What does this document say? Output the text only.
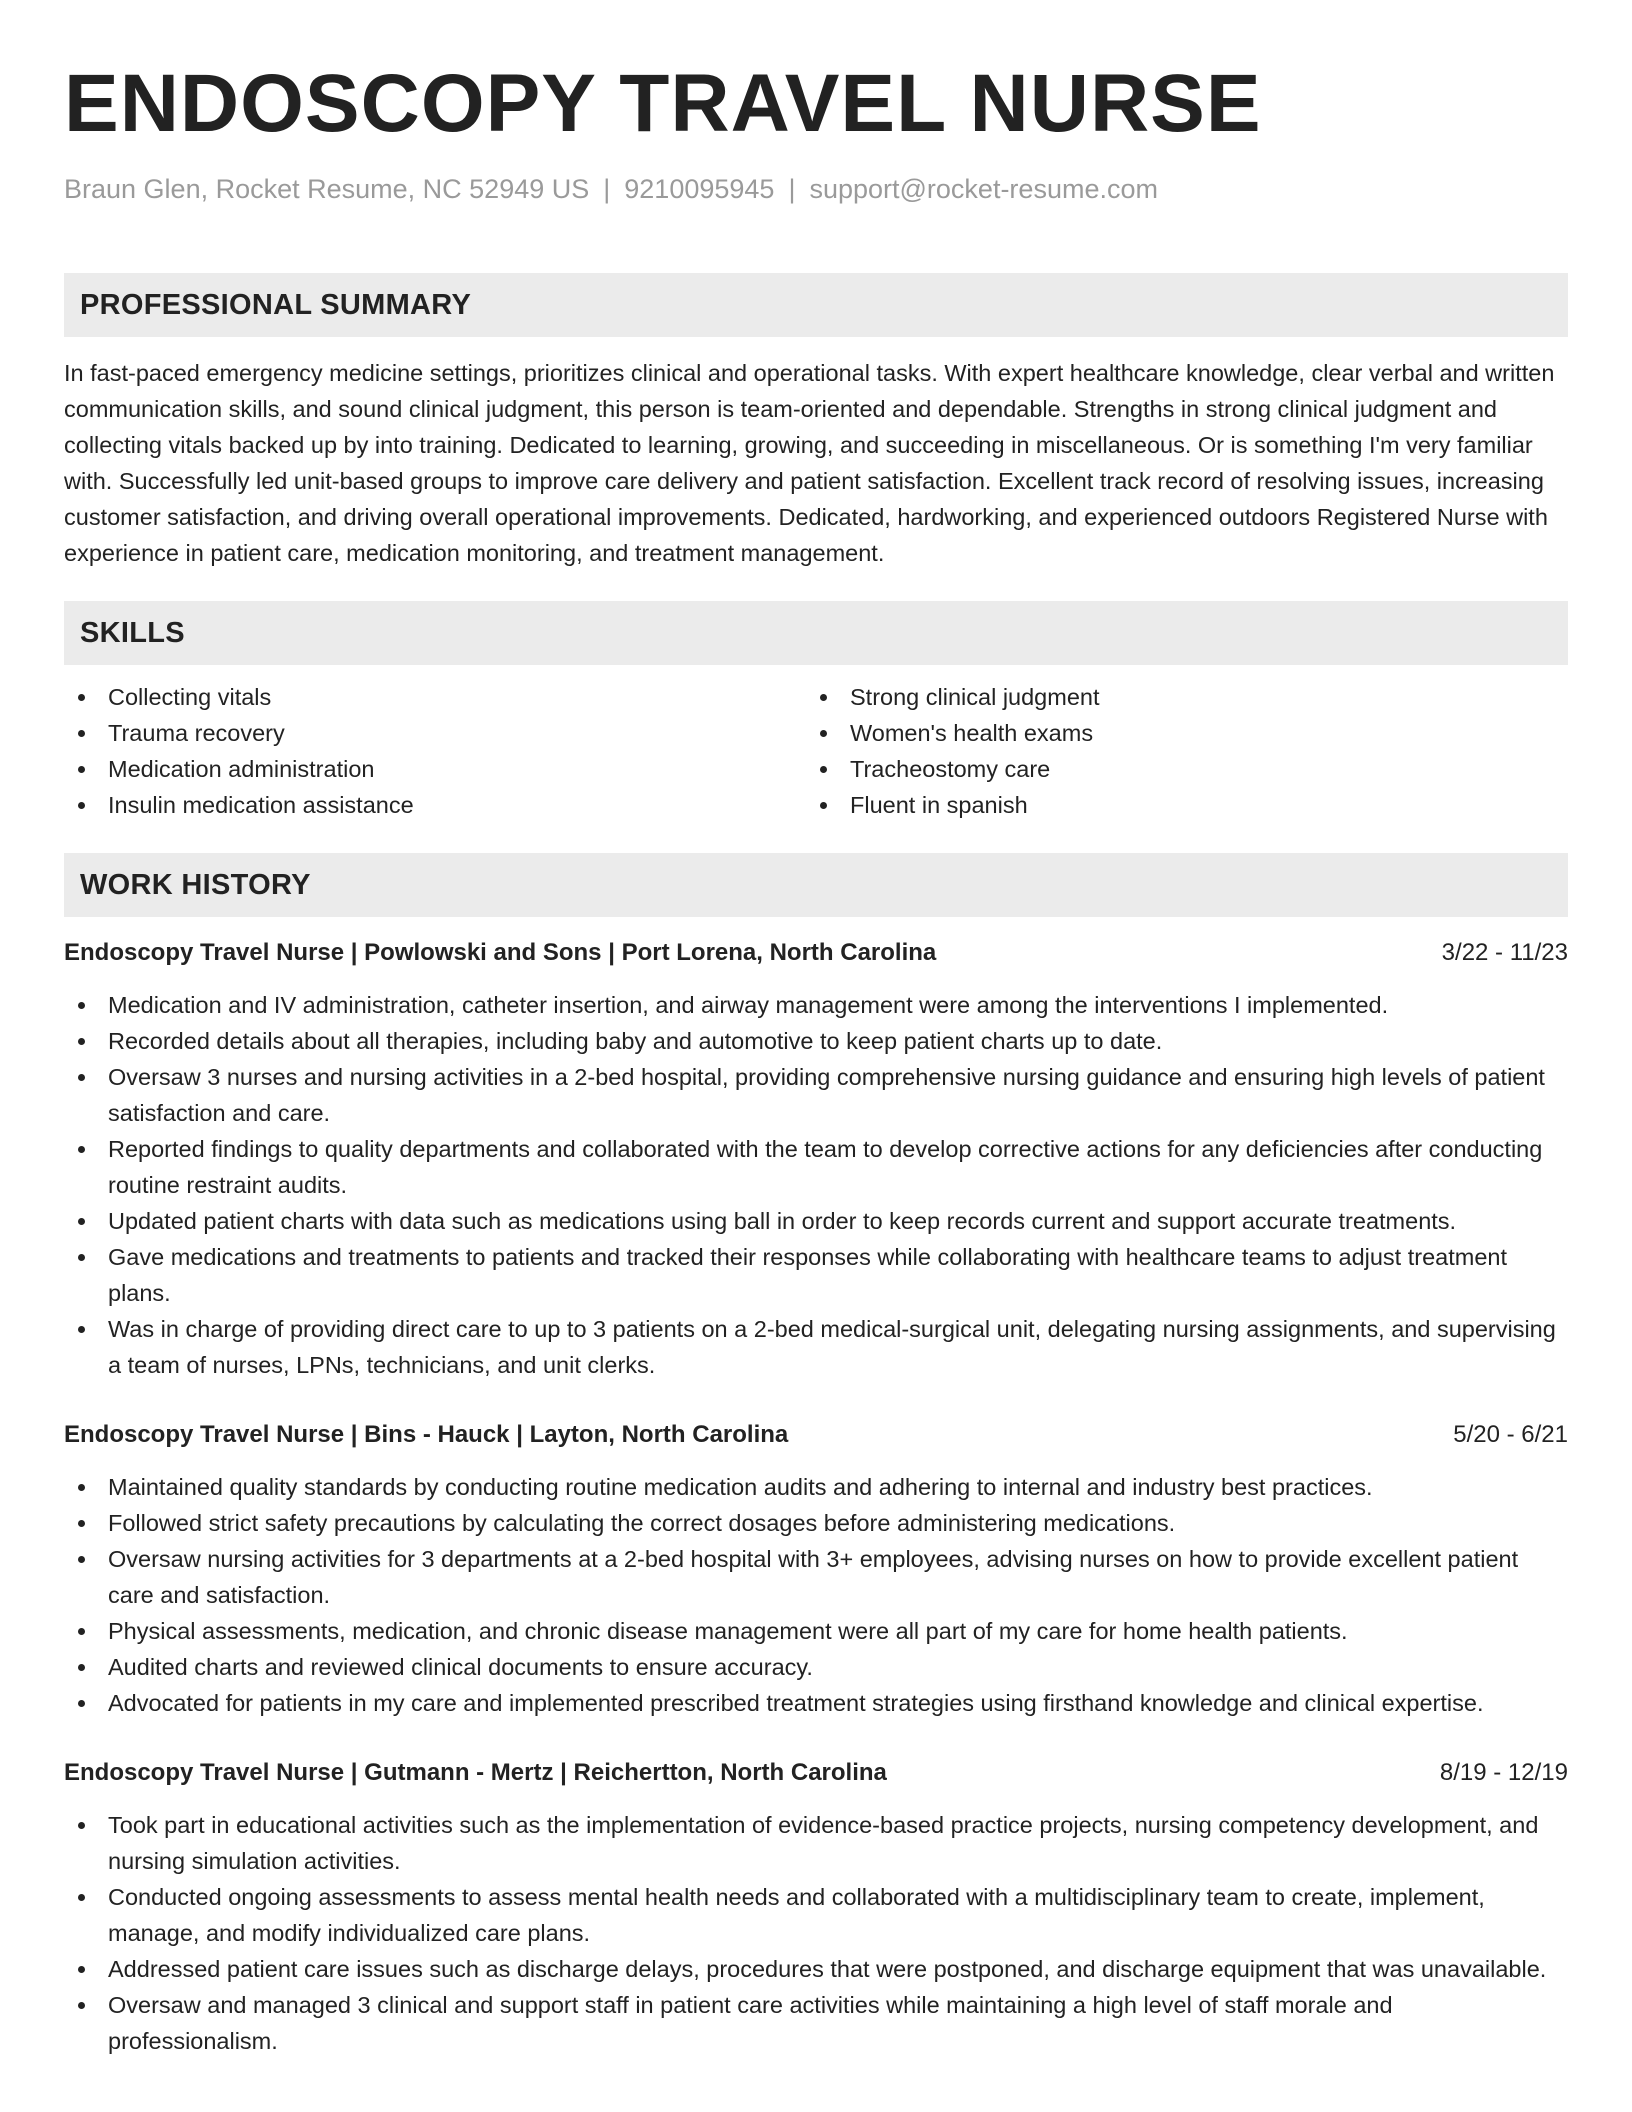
ENDOSCOPY TRAVEL NURSE
Braun Glen, Rocket Resume, NC 52949 US | 9210095945 | support@rocket-resume.com
PROFESSIONAL SUMMARY
In fast-paced emergency medicine settings, prioritizes clinical and operational tasks. With expert healthcare knowledge, clear verbal and written communication skills, and sound clinical judgment, this person is team-oriented and dependable. Strengths in strong clinical judgment and collecting vitals backed up by into training. Dedicated to learning, growing, and succeeding in miscellaneous. Or is something I'm very familiar with. Successfully led unit-based groups to improve care delivery and patient satisfaction. Excellent track record of resolving issues, increasing customer satisfaction, and driving overall operational improvements. Dedicated, hardworking, and experienced outdoors Registered Nurse with experience in patient care, medication monitoring, and treatment management.
SKILLS
Collecting vitals
Trauma recovery
Medication administration
Insulin medication assistance
Strong clinical judgment
Women's health exams
Tracheostomy care
Fluent in spanish
WORK HISTORY
Endoscopy Travel Nurse | Powlowski and Sons | Port Lorena, North Carolina	3/22 - 11/23
Medication and IV administration, catheter insertion, and airway management were among the interventions I implemented.
Recorded details about all therapies, including baby and automotive to keep patient charts up to date.
Oversaw 3 nurses and nursing activities in a 2-bed hospital, providing comprehensive nursing guidance and ensuring high levels of patient satisfaction and care.
Reported findings to quality departments and collaborated with the team to develop corrective actions for any deficiencies after conducting routine restraint audits.
Updated patient charts with data such as medications using ball in order to keep records current and support accurate treatments.
Gave medications and treatments to patients and tracked their responses while collaborating with healthcare teams to adjust treatment plans.
Was in charge of providing direct care to up to 3 patients on a 2-bed medical-surgical unit, delegating nursing assignments, and supervising a team of nurses, LPNs, technicians, and unit clerks.
Endoscopy Travel Nurse | Bins - Hauck | Layton, North Carolina	5/20 - 6/21
Maintained quality standards by conducting routine medication audits and adhering to internal and industry best practices.
Followed strict safety precautions by calculating the correct dosages before administering medications.
Oversaw nursing activities for 3 departments at a 2-bed hospital with 3+ employees, advising nurses on how to provide excellent patient care and satisfaction.
Physical assessments, medication, and chronic disease management were all part of my care for home health patients.
Audited charts and reviewed clinical documents to ensure accuracy.
Advocated for patients in my care and implemented prescribed treatment strategies using firsthand knowledge and clinical expertise.
Endoscopy Travel Nurse | Gutmann - Mertz | Reichertton, North Carolina	8/19 - 12/19
Took part in educational activities such as the implementation of evidence-based practice projects, nursing competency development, and nursing simulation activities.
Conducted ongoing assessments to assess mental health needs and collaborated with a multidisciplinary team to create, implement, manage, and modify individualized care plans.
Addressed patient care issues such as discharge delays, procedures that were postponed, and discharge equipment that was unavailable.
Oversaw and managed 3 clinical and support staff in patient care activities while maintaining a high level of staff morale and professionalism.
